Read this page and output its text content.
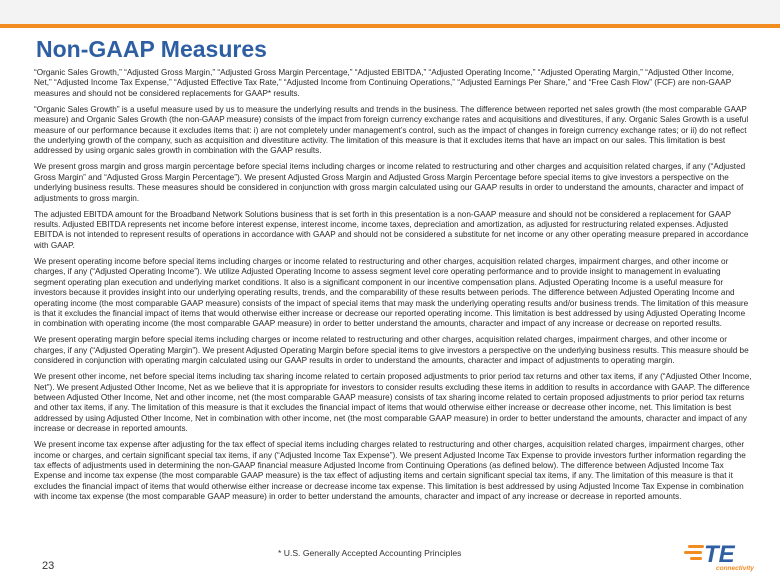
Non-GAAP Measures

“Organic Sales Growth,” “Adjusted Gross Margin,” “Adjusted Gross Margin Percentage,” “Adjusted EBITDA,” “Adjusted Operating Income,” “Adjusted Operating Margin,” “Adjusted Other Income, Net,” “Adjusted Income Tax Expense,” “Adjusted Effective Tax Rate,” “Adjusted Income from Continuing Operations,” “Adjusted Earnings Per Share,” and “Free Cash Flow” (FCF) are non-GAAP measures and should not be considered replacements for GAAP* results.

“Organic Sales Growth” is a useful measure used by us to measure the underlying results and trends in the business. The difference between reported net sales growth (the most comparable GAAP measure) and Organic Sales Growth (the non-GAAP measure) consists of the impact from foreign currency exchange rates and acquisitions and divestitures, if any. Organic Sales Growth is a useful measure of our performance because it excludes items that: i) are not completely under management’s control, such as the impact of changes in foreign currency exchange rates; or ii) do not reflect the underlying growth of the company, such as acquisition and divestiture activity. The limitation of this measure is that it excludes items that have an impact on our sales. This limitation is best addressed by using organic sales growth in combination with the GAAP results.

We present gross margin and gross margin percentage before special items including charges or income related to restructuring and other charges and acquisition related charges, if any (“Adjusted Gross Margin” and “Adjusted Gross Margin Percentage”). We present Adjusted Gross Margin and Adjusted Gross Margin Percentage before special items to give investors a perspective on the underlying business results. These measures should be considered in conjunction with gross margin calculated using our GAAP results in order to understand the amounts, character and impact of adjustments to gross margin.

The adjusted EBITDA amount for the Broadband Network Solutions business that is set forth in this presentation is a non-GAAP measure and should not be considered a replacement for GAAP results. Adjusted EBITDA represents net income before interest expense, interest income, income taxes, depreciation and amortization, as adjusted for restructuring related expenses. Adjusted EBITDA is not intended to represent results of operations in accordance with GAAP and should not be considered a substitute for net income or any other operating measure prepared in accordance with GAAP.

We present operating income before special items including charges or income related to restructuring and other charges, acquisition related charges, impairment charges, and other income or charges, if any (“Adjusted Operating Income”). We utilize Adjusted Operating Income to assess segment level core operating performance and to provide insight to management in evaluating segment operating plan execution and underlying market conditions. It also is a significant component in our incentive compensation plans. Adjusted Operating Income is a useful measure for investors because it provides insight into our underlying operating results, trends, and the comparability of these results between periods. The difference between Adjusted Operating Income and operating income (the most comparable GAAP measure) consists of the impact of special items that may mask the underlying operating results and/or business trends. The limitation of this measure is that it excludes the financial impact of items that would otherwise either increase or decrease our reported operating income. This limitation is best addressed by using Adjusted Operating Income in combination with operating income (the most comparable GAAP measure) in order to better understand the amounts, character and impact of any increase or decrease on reported results.

We present operating margin before special items including charges or income related to restructuring and other charges, acquisition related charges, impairment charges, and other income or charges, if any (“Adjusted Operating Margin”). We present Adjusted Operating Margin before special items to give investors a perspective on the underlying business results. This measure should be considered in conjunction with operating margin calculated using our GAAP results in order to understand the amounts, character and impact of adjustments to operating margin.

We present other income, net before special items including tax sharing income related to certain proposed adjustments to prior period tax returns and other tax items, if any (“Adjusted Other Income, Net”). We present Adjusted Other Income, Net as we believe that it is appropriate for investors to consider results excluding these items in addition to results in accordance with GAAP. The difference between Adjusted Other Income, Net and other income, net (the most comparable GAAP measure) consists of tax sharing income related to certain proposed adjustments to prior period tax returns and other tax items, if any. The limitation of this measure is that it excludes the financial impact of items that would otherwise either increase or decrease other income, net. This limitation is best addressed by using Adjusted Other Income, Net in combination with other income, net (the most comparable GAAP measure) in order to better understand the amounts, character and impact of any increase or decrease in reported amounts.

We present income tax expense after adjusting for the tax effect of special items including charges related to restructuring and other charges, acquisition related charges, impairment charges, other income or charges, and certain significant special tax items, if any (“Adjusted Income Tax Expense”). We present Adjusted Income Tax Expense to provide investors further information regarding the tax effects of adjustments used in determining the non-GAAP financial measure Adjusted Income from Continuing Operations (as defined below). The difference between Adjusted Income Tax Expense and income tax expense (the most comparable GAAP measure) is the tax effect of adjusting items and certain significant special tax items, if any. The limitation of this measure is that it excludes the financial impact of items that would otherwise either increase or decrease income tax expense. This limitation is best addressed by using Adjusted Income Tax Expense in combination with income tax expense (the most comparable GAAP measure) in order to better understand the amounts, character and impact of any increase or decrease in reported amounts.

* U.S. Generally Accepted Accounting Principles
23	TE
connectivity
